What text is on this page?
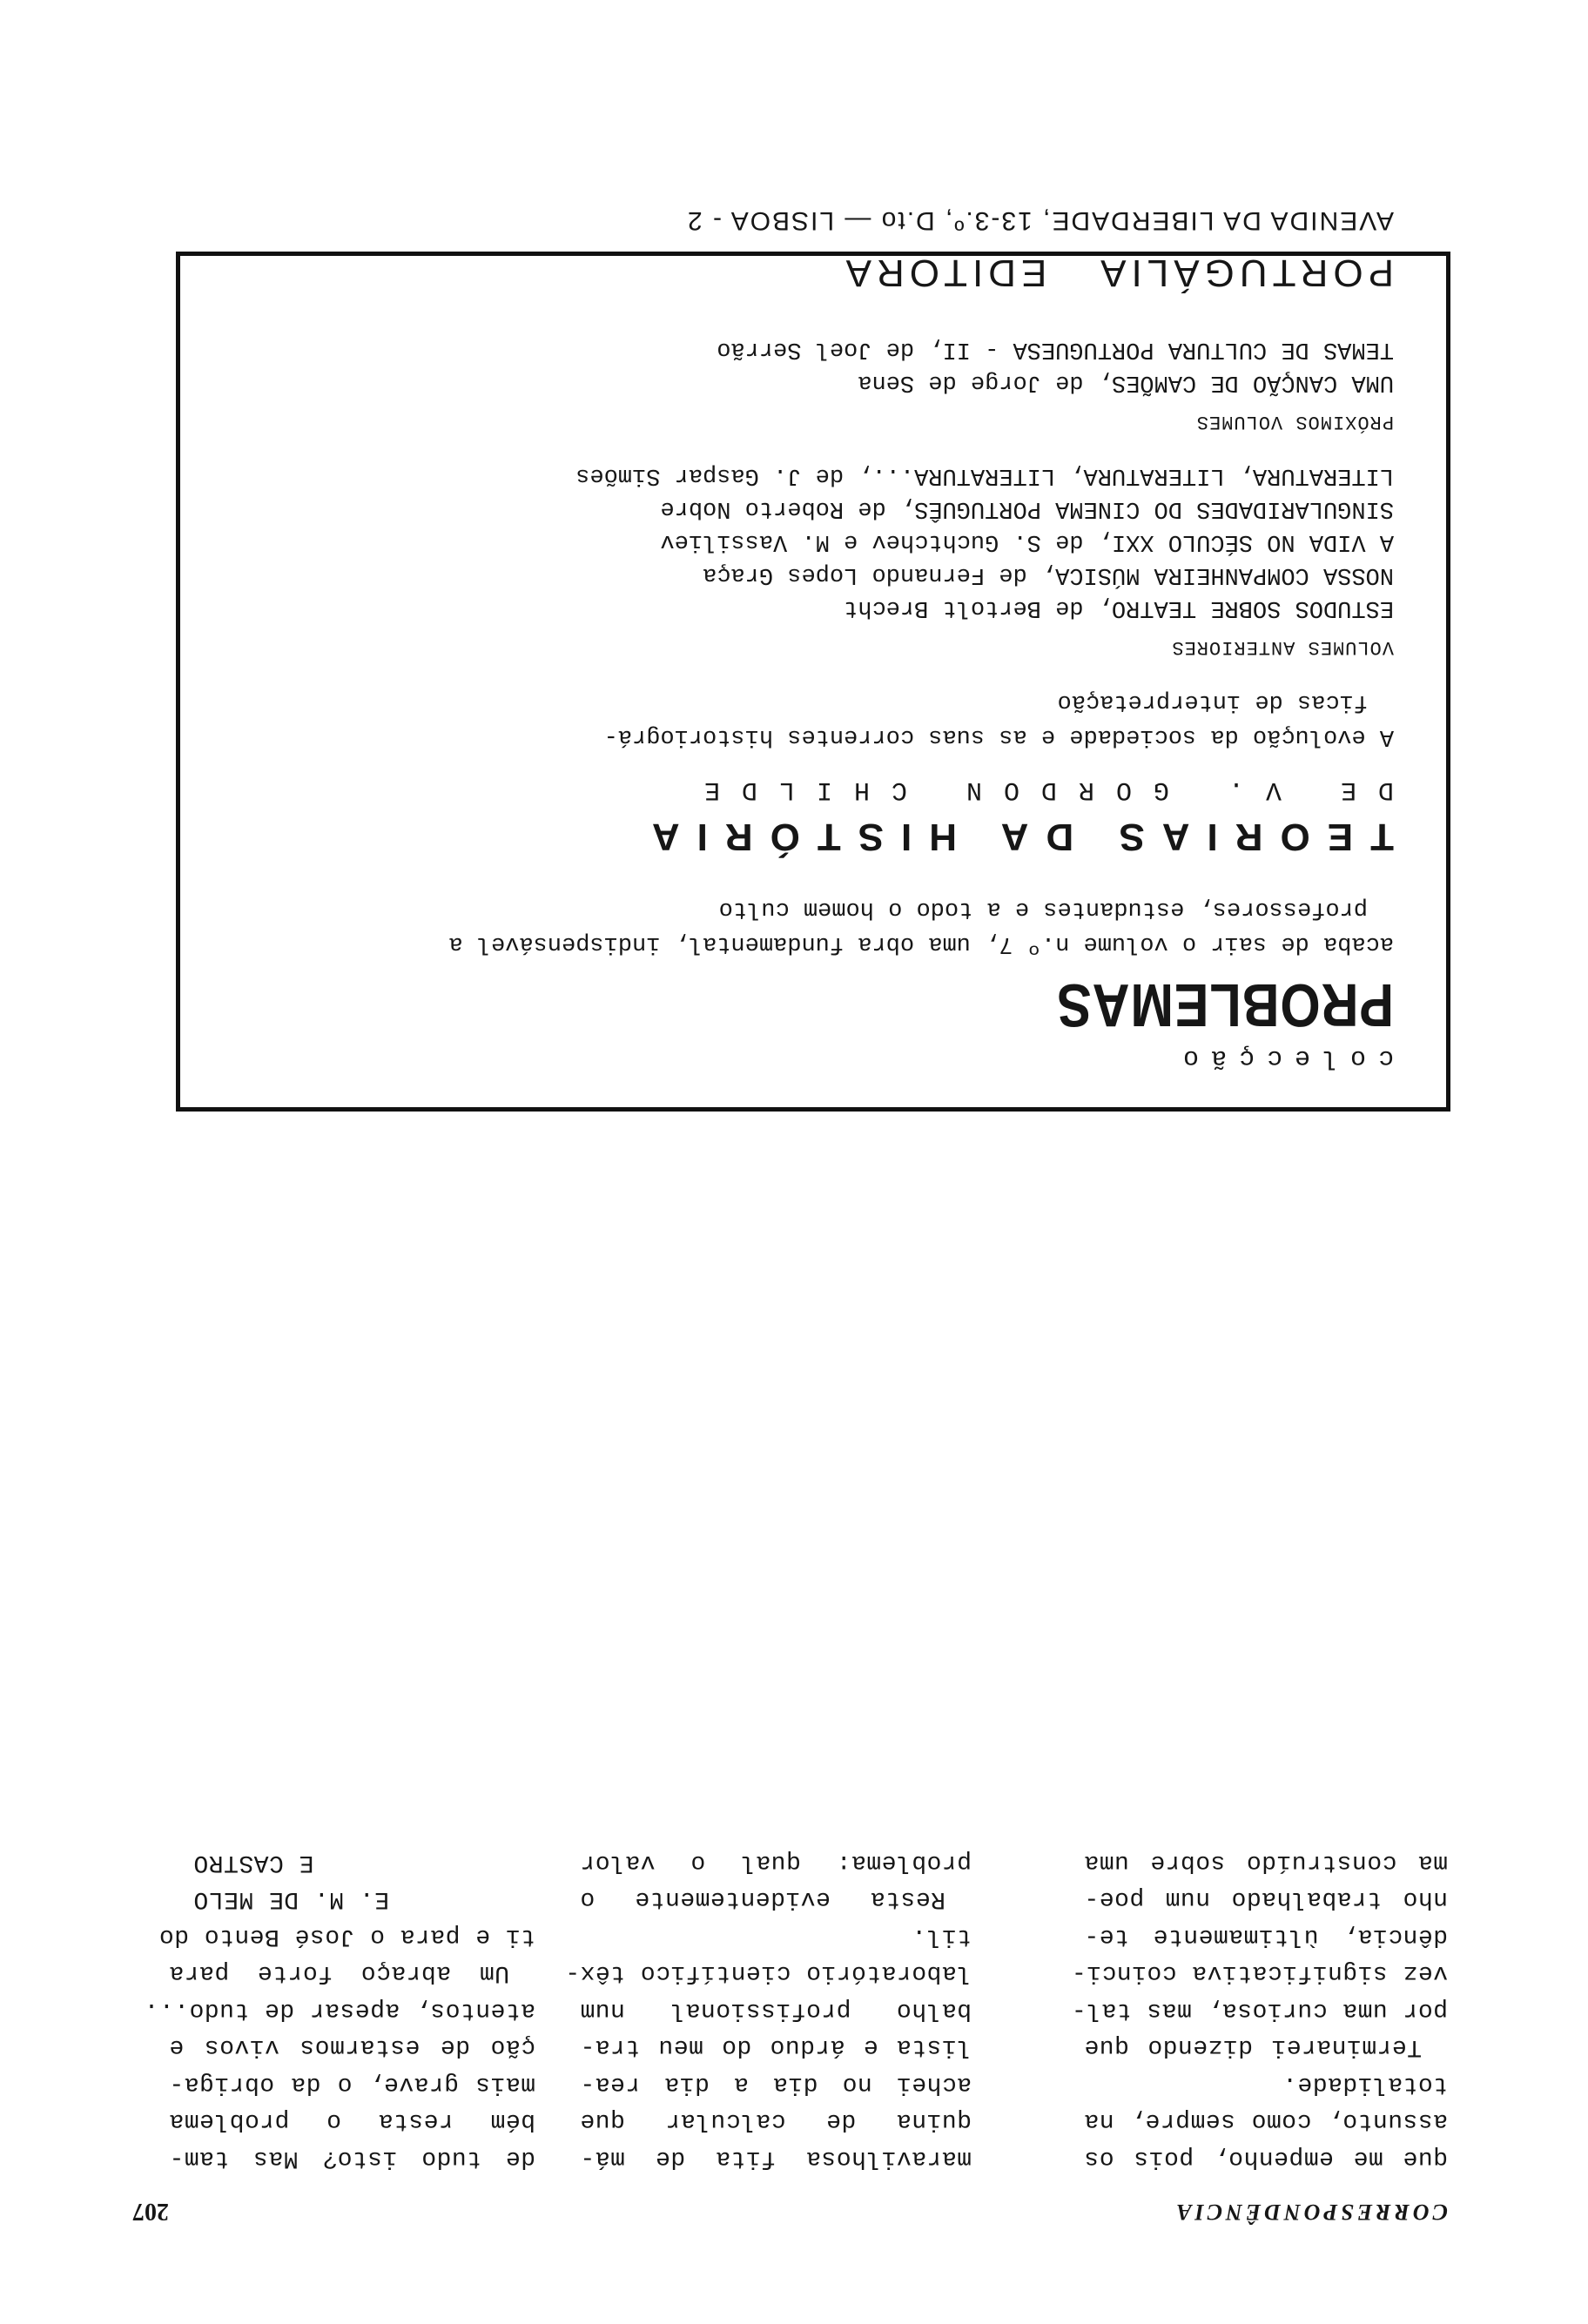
CORRESPONDÊNCIA
207

que me empenho, pois os

assunto, como sempre, na

totalidade.

Terminarei dizendo que

por uma curiosa, mas tal-

vez significativa coinci-

dência, ùltimamente te-

nho trabalhado num poe-

ma construído sobre uma

maravilhosa fita de má-

quina de calcular que

achei no dia a dia rea-

lista e árduo do meu tra-

balho profissional num

laboratório científico têx-

til.

Resta evidentemente o

problema: qual o valor

de tudo isto? Mas tam-

bém resta o problema

mais grave, o da obriga-

ção de estarmos vivos e

atentos, apesar de tudo...

Um abraço forte para

ti e para o José Bento do

E. M. DE MELO

E CASTRO

colecção
PROBLEMAS
acaba de sair o volume n.º 7, uma obra fundamental, indispensável a
professores, estudantes e a todo o homem culto
TEORIAS DA HISTÓRIA
DE V. GORDON CHILDE
A evolução da sociedade e as suas correntes historiográ-
ficas de interpretação
VOLUMES ANTERIORES
ESTUDOS SOBRE TEATRO, de Bertolt Brecht
NOSSA COMPANHEIRA MÚSICA, de Fernando Lopes Graça
A VIDA NO SÉCULO XXI, de S. Guchtchev e M. Vassiliev
SINGULARIDADES DO CINEMA PORTUGUÊS, de Roberto Nobre
LITERATURA, LITERATURA, LITERATURA..., de J. Gaspar Simões
PRÓXIMOS VOLUMES
UMA CANÇÃO DE CAMÕES, de Jorge de Sena
TEMAS DE CULTURA PORTUGUESA - II, de Joel Serrão
PORTUGÁLIA EDITORA
AVENIDA DA LIBERDADE, 13-3.º, D.to — LISBOA - 2
